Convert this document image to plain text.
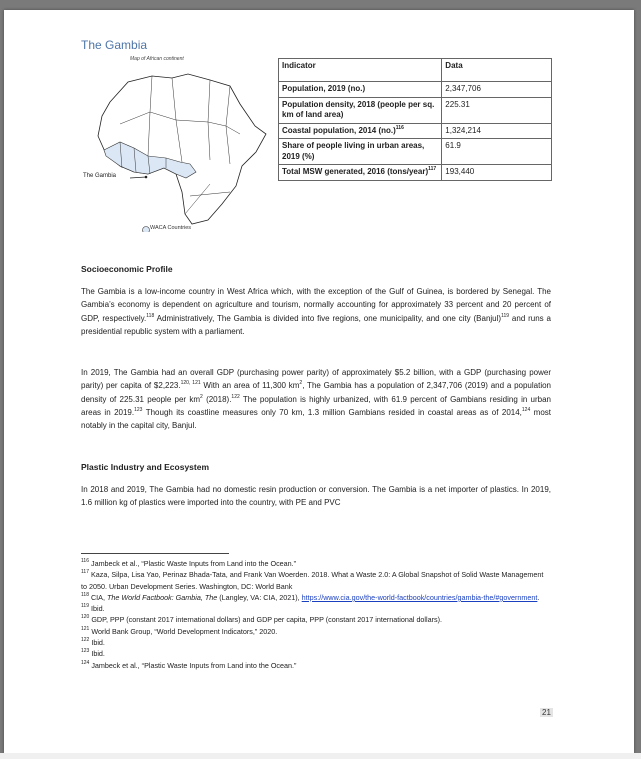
The Gambia
Map of African continent
The Gambia
WACA Countries
Indicator	Data
Population, 2019 (no.)	2,347,706
Population density, 2018 (people per sq. km of land area)	225.31
Coastal population, 2014 $(no.)^{116}$	1,324,214
Share of people living in urban areas, 2019 (%)	61.9
Total MSW generated, 2016 (tons/year)$^{117}$	193,440
Socioeconomic Profile
The Gambia is a low-income country in West Africa which, with the exception of the Gulf of Guinea, is bordered by Senegal. The Gambia’s economy is dependent on agriculture and tourism, normally accounting for approximately 33 percent and 20 percent of GDP, respectively.$^{118}$ Administratively, The Gambia is divided into five regions, one municipality, and one city (Banjul)$^{119}$ and runs a presidential republic system with a parliament.
In 2019, The Gambia had an overall GDP (purchasing power parity) of approximately $5.2 billion, with a GDP (purchasing power parity) per capita of $2,223.$^{120, 121}$ With an area of 11,300 $km^2$, The Gambia has a population of 2,347,706 (2019) and a population density of 225.31 people per $km^2$ (2018).$^{122}$ The population is highly urbanized, with 61.9 percent of Gambians residing in urban areas in 2019.$^{123}$ Though its coastline measures only 70 km, 1.3 million Gambians resided in coastal areas as of 2014,$^{124}$ most notably in the capital city, Banjul.
Plastic Industry and Ecosystem
In 2018 and 2019, The Gambia had no domestic resin production or conversion. The Gambia is a net importer of plastics. In 2019, 1.6 million kg of plastics were imported into the country, with PE and PVC

$^{116}$ Jambeck et al., “Plastic Waste Inputs from Land into the Ocean.”

$^{117}$ Kaza, Silpa, Lisa Yao, Perinaz Bhada-Tata, and Frank Van Woerden. 2018. What a Waste 2.0: A Global Snapshot of Solid Waste Management to 2050. Urban Development Series. Washington, DC: World Bank

$^{118}$ CIA, The World Factbook: Gambia, The (Langley, VA: CIA, 2021), https://www.cia.gov/the-world-factbook/countries/gambia-the/#government.

$^{119}$ Ibid.

$^{120}$ GDP, PPP (constant 2017 international dollars) and GDP per capita, PPP (constant 2017 international dollars).

$^{121}$ World Bank Group, “World Development Indicators,” 2020.

$^{122}$ Ibid.

$^{123}$ Ibid.

$^{124}$ Jambeck et al., “Plastic Waste Inputs from Land into the Ocean.”

21
